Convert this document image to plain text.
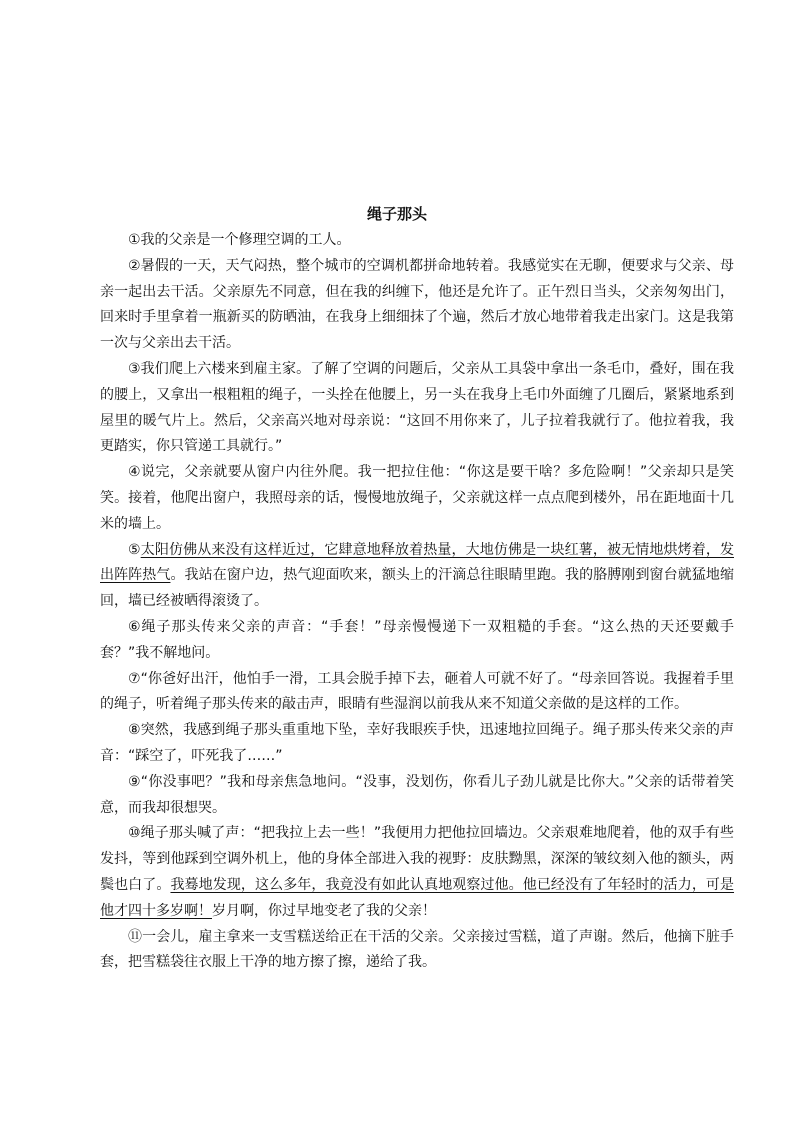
绳子那头

①我的父亲是一个修理空调的工人。

②暑假的一天，天气闷热，整个城市的空调机都拼命地转着。我感觉实在无聊，便要求与父亲、母亲一起出去干活。父亲原先不同意，但在我的纠缠下，他还是允许了。正午烈日当头，父亲匆匆出门，回来时手里拿着一瓶新买的防晒油，在我身上细细抹了个遍，然后才放心地带着我走出家门。这是我第一次与父亲出去干活。

③我们爬上六楼来到雇主家。了解了空调的问题后，父亲从工具袋中拿出一条毛巾，叠好，围在我的腰上，又拿出一根粗粗的绳子，一头拴在他腰上，另一头在我身上毛巾外面缠了几圈后，紧紧地系到屋里的暖气片上。然后，父亲高兴地对母亲说：“这回不用你来了，儿子拉着我就行了。他拉着我，我更踏实，你只管递工具就行。”

④说完，父亲就要从窗户内往外爬。我一把拉住他：“你这是要干啥？多危险啊！”父亲却只是笑笑。接着，他爬出窗户，我照母亲的话，慢慢地放绳子，父亲就这样一点点爬到楼外，吊在距地面十几米的墙上。

⑤太阳仿佛从来没有这样近过，它肆意地释放着热量，大地仿佛是一块红薯，被无情地烘烤着，发出阵阵热气。我站在窗户边，热气迎面吹来，额头上的汗滴总往眼睛里跑。我的胳膊刚到窗台就猛地缩回，墙已经被晒得滚烫了。

⑥绳子那头传来父亲的声音：“手套！”母亲慢慢递下一双粗糙的手套。“这么热的天还要戴手套？”我不解地问。

⑦“你爸好出汗，他怕手一滑，工具会脱手掉下去，砸着人可就不好了。“母亲回答说。我握着手里的绳子，听着绳子那头传来的敲击声，眼睛有些湿润以前我从来不知道父亲做的是这样的工作。

⑧突然，我感到绳子那头重重地下坠，幸好我眼疾手快，迅速地拉回绳子。绳子那头传来父亲的声音：“踩空了，吓死我了……”

⑨“你没事吧？”我和母亲焦急地问。“没事，没划伤，你看儿子劲儿就是比你大。”父亲的话带着笑意，而我却很想哭。

⑩绳子那头喊了声：“把我拉上去一些！”我便用力把他拉回墙边。父亲艰难地爬着，他的双手有些发抖，等到他踩到空调外机上，他的身体全部进入我的视野：皮肤黝黑，深深的皱纹刻入他的额头，两鬓也白了。我蓦地发现，这么多年，我竟没有如此认真地观察过他。他已经没有了年轻时的活力，可是他才四十多岁啊！岁月啊，你过早地变老了我的父亲！

⑪一会儿，雇主拿来一支雪糕送给正在干活的父亲。父亲接过雪糕，道了声谢。然后，他摘下脏手套，把雪糕袋往衣服上干净的地方擦了擦，递给了我。
